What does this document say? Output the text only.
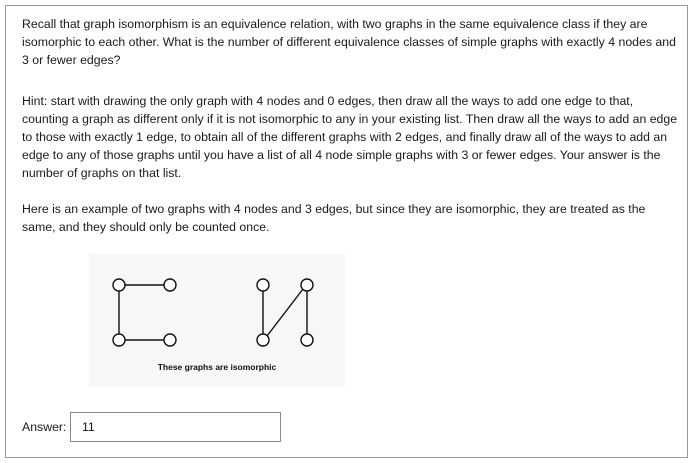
Recall that graph isomorphism is an equivalence relation, with two graphs in the same equivalence class if they are isomorphic to each other. What is the number of different equivalence classes of simple graphs with exactly 4 nodes and 3 or fewer edges?

Hint: start with drawing the only graph with 4 nodes and 0 edges, then draw all the ways to add one edge to that, counting a graph as different only if it is not isomorphic to any in your existing list. Then draw all the ways to add an edge to those with exactly 1 edge, to obtain all of the different graphs with 2 edges, and finally draw all of the ways to add an edge to any of those graphs until you have a list of all 4 node simple graphs with 3 or fewer edges. Your answer is the number of graphs on that list.

Here is an example of two graphs with 4 nodes and 3 edges, but since they are isomorphic, they are treated as the same, and they should only be counted once.

These graphs are isomorphic
Answer:
11
